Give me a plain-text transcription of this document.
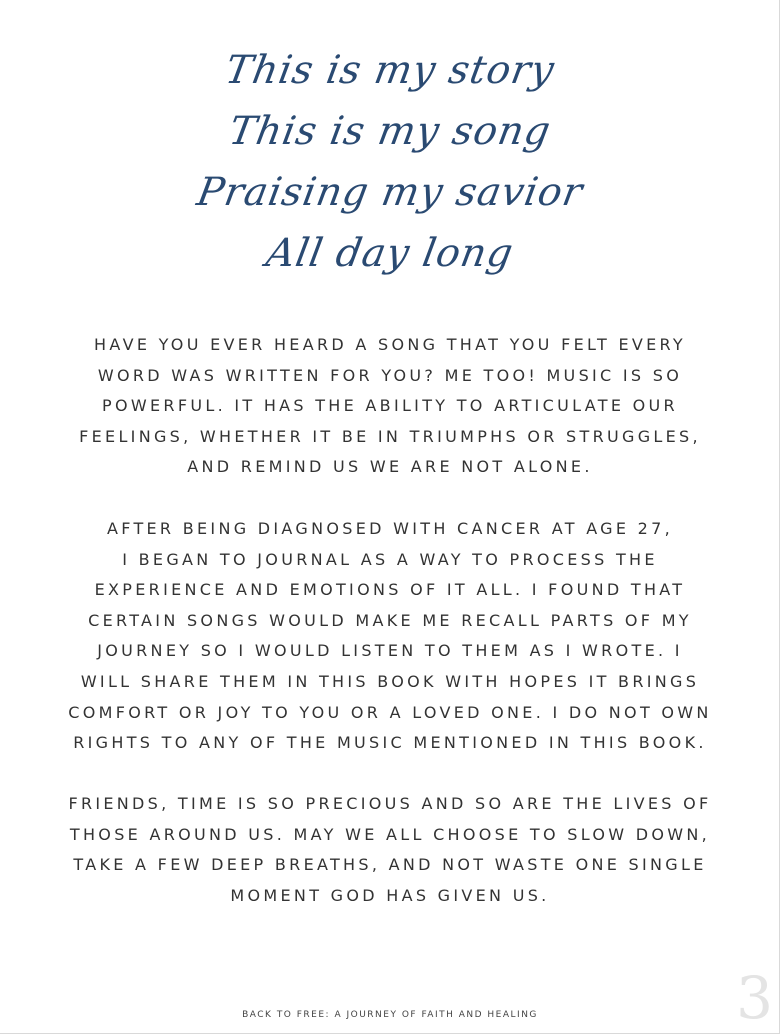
This is my story
This is my song
Praising my savior
All day long
HAVE YOU EVER HEARD A SONG THAT YOU FELT EVERY
WORD WAS WRITTEN FOR YOU? ME TOO! MUSIC IS SO
POWERFUL. IT HAS THE ABILITY TO ARTICULATE OUR
FEELINGS, WHETHER IT BE IN TRIUMPHS OR STRUGGLES,
AND REMIND US WE ARE NOT ALONE.
AFTER BEING DIAGNOSED WITH CANCER AT AGE 27,
I BEGAN TO JOURNAL AS A WAY TO PROCESS THE
EXPERIENCE AND EMOTIONS OF IT ALL. I FOUND THAT
CERTAIN SONGS WOULD MAKE ME RECALL PARTS OF MY
JOURNEY SO I WOULD LISTEN TO THEM AS I WROTE. I
WILL SHARE THEM IN THIS BOOK WITH HOPES IT BRINGS
COMFORT OR JOY TO YOU OR A LOVED ONE. I DO NOT OWN
RIGHTS TO ANY OF THE MUSIC MENTIONED IN THIS BOOK.
FRIENDS, TIME IS SO PRECIOUS AND SO ARE THE LIVES OF
THOSE AROUND US. MAY WE ALL CHOOSE TO SLOW DOWN,
TAKE A FEW DEEP BREATHS, AND NOT WASTE ONE SINGLE
MOMENT GOD HAS GIVEN US.
BACK TO FREE: A JOURNEY OF FAITH AND HEALING	3
